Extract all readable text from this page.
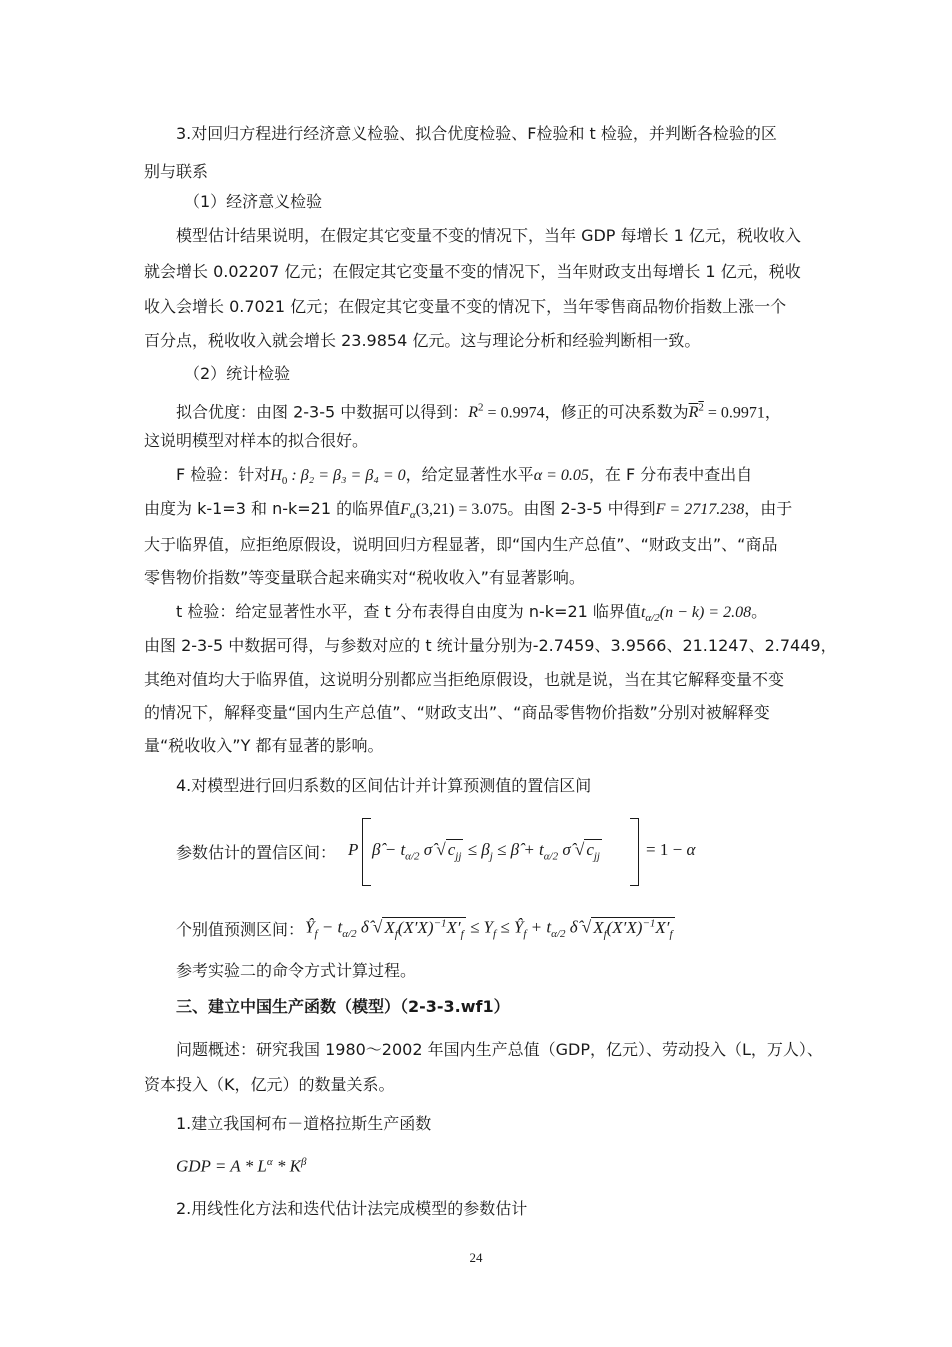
3.对回归方程进行经济意义检验、拟合优度检验、F检验和 t 检验，并判断各检验的区
别与联系
（1）经济意义检验
模型估计结果说明，在假定其它变量不变的情况下，当年 GDP 每增长 1 亿元，税收收入
就会增长 0.02207 亿元；在假定其它变量不变的情况下，当年财政支出每增长 1 亿元，税收
收入会增长 0.7021 亿元；在假定其它变量不变的情况下，当年零售商品物价指数上涨一个
百分点，税收收入就会增长 23.9854 亿元。这与理论分析和经验判断相一致。
（2）统计检验
拟合优度：由图 2-3-5 中数据可以得到：$R^2 = 0.9974$，修正的可决系数为$R^2 = 0.9971$，
这说明模型对样本的拟合很好。
F 检验：针对$H_0$ : β₂ = β₃ = β₄ = 0，给定显著性水平α = 0.05，在 F 分布表中查出自
由度为 k-1=3 和 n-k=21 的临界值$F_\alpha(3,21) = 3.075$。由图 2-3-5 中得到F = 2717.238，由于
大于临界值，应拒绝原假设，说明回归方程显著，即“国内生产总值”、“财政支出”、“商品
零售物价指数”等变量联合起来确实对“税收收入”有显著影响。
t 检验：给定显著性水平，查 t 分布表得自由度为 n-k=21 临界值$t_{\alpha/2}(n - k) = 2.08$。
由图 2-3-5 中数据可得，与参数对应的 t 统计量分别为-2.7459、3.9566、21.1247、2.7449，
其绝对值均大于临界值，这说明分别都应当拒绝原假设，也就是说，当在其它解释变量不变
的情况下，解释变量“国内生产总值”、“财政支出”、“商品零售物价指数”分别对被解释变
量“税收收入”Y 都有显著的影响。
4.对模型进行回归系数的区间估计并计算预测值的置信区间
参数估计的置信区间： P β̂ − $t_{\alpha/2}$ σ̂ √ $c_{jj} \le \beta_j$ ≤ β̂ + $t_{\alpha/2}$ σ̂ √ $c_{jj}$	= 1 − α
个别值预测区间： $Ŷ_f - t_{\alpha/2}$ δ̂ √ $X_f(X'X)^{-1}X'_f \le Y_f$ ≤ $Ŷ_f + t_{\alpha/2}$ δ̂ √ $X_f(X'X)^{-1}X'_f$
参考实验二的命令方式计算过程。
三、建立中国生产函数（模型）（2-3-3.wf1）
问题概述：研究我国 1980～2002 年国内生产总值（GDP，亿元）、劳动投入（L，万人）、
资本投入（K，亿元）的数量关系。
1.建立我国柯布－道格拉斯生产函数
GDP = A * $L^\alpha * K^\beta$
2.用线性化方法和迭代估计法完成模型的参数估计
24
